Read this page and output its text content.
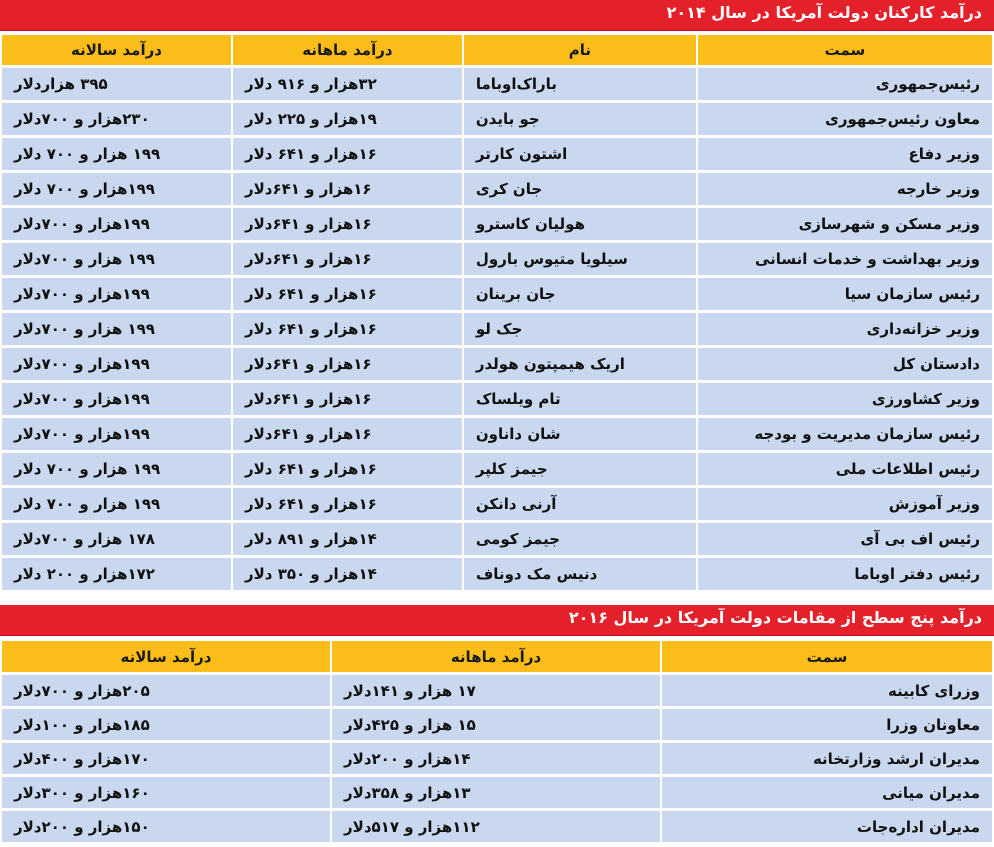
درآمد کارکنان دولت آمریکا در سال ۲۰۱۴
سمت	نام	درآمد ماهانه	درآمد سالانه
رئیس‌جمهوری	باراک‌اوباما	۳۲هزار و ۹۱۶ دلار	۳۹۵ هزاردلار
معاون رئیس‌جمهوری	جو بایدن	۱۹هزار و ۲۲۵ دلار	۲۳۰هزار و ۷۰۰دلار
وزیر دفاع	اشتون کارتر	۱۶هزار و ۶۴۱ دلار	۱۹۹ هزار و ۷۰۰ دلار
وزیر خارجه	جان کری	۱۶هزار و ۶۴۱دلار	۱۹۹هزار و ۷۰۰ دلار
وزیر مسکن و شهرسازی	هولیان کاسترو	۱۶هزار و ۶۴۱دلار	۱۹۹هزار و ۷۰۰دلار
وزیر بهداشت و خدمات انسانی	سیلویا متیوس بارول	۱۶هزار و ۶۴۱دلار	۱۹۹ هزار و ۷۰۰دلار
رئیس سازمان سیا	جان برینان	۱۶هزار و ۶۴۱ دلار	۱۹۹هزار و ۷۰۰دلار
وزیر خزانه‌داری	جک لو	۱۶هزار و ۶۴۱ دلار	۱۹۹ هزار و ۷۰۰دلار
دادستان کل	اریک هیمپتون هولدر	۱۶هزار و ۶۴۱دلار	۱۹۹هزار و ۷۰۰دلار
وزیر کشاورزی	تام ویلساک	۱۶هزار و ۶۴۱دلار	۱۹۹هزار و ۷۰۰دلار
رئیس سازمان مدیریت و بودجه	شان داناون	۱۶هزار و ۶۴۱دلار	۱۹۹هزار و ۷۰۰دلار
رئیس اطلاعات ملی	جیمز کلپر	۱۶هزار و ۶۴۱ دلار	۱۹۹ هزار و ۷۰۰ دلار
وزیر آموزش	آرنی دانکن	۱۶هزار و ۶۴۱ دلار	۱۹۹ هزار و ۷۰۰ دلار
رئیس اف بی آی	جیمز کومی	۱۴هزار و ۸۹۱ دلار	۱۷۸ هزار و ۷۰۰دلار
رئیس دفتر اوباما	دنیس مک دوناف	۱۴هزار و ۳۵۰ دلار	۱۷۲هزار و ۲۰۰ دلار
درآمد پنج سطح از مقامات دولت آمریکا در سال ۲۰۱۶
سمت	درآمد ماهانه	درآمد سالانه
وزرای کابینه	۱۷ هزار و ۱۴۱دلار	۲۰۵هزار و ۷۰۰دلار
معاونان وزرا	۱۵ هزار و ۴۲۵دلار	۱۸۵هزار و ۱۰۰دلار
مدیران ارشد وزارتخانه	۱۴هزار و ۲۰۰دلار	۱۷۰هزار و ۴۰۰دلار
مدیران میانی	۱۳هزار و ۳۵۸دلار	۱۶۰هزار و ۳۰۰دلار
مدیران اداره‌جات	۱۱۲هزار و ۵۱۷دلار	۱۵۰هزار و ۲۰۰دلار
